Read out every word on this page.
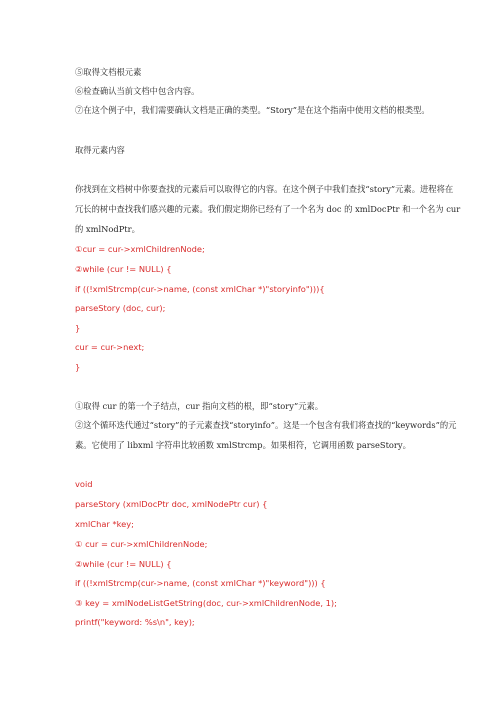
⑤取得文档根元素
⑥检查确认当前文档中包含内容。
⑦在这个例子中，我们需要确认文档是正确的类型。“Story”是在这个指南中使用文档的根类型。
取得元素内容
你找到在文档树中你要查找的元素后可以取得它的内容。在这个例子中我们查找“story”元素。进程将在
冗长的树中查找我们感兴趣的元素。我们假定期你已经有了一个名为 doc 的 xmlDocPtr 和一个名为 cur
的 xmlNodPtr。
①cur = cur->xmlChildrenNode;
②while (cur != NULL) {
if ((!xmlStrcmp(cur->name, (const xmlChar *)"storyinfo"))){
parseStory (doc, cur);
}
cur = cur->next;
}
①取得 cur 的第一个子结点，cur 指向文档的根，即“story”元素。
②这个循环迭代通过“story”的子元素查找“storyinfo”。这是一个包含有我们将查找的“keywords”的元
素。它使用了 libxml 字符串比较函数 xmlStrcmp。如果相符，它调用函数 parseStory。
void
parseStory (xmlDocPtr doc, xmlNodePtr cur) {
xmlChar *key;
① cur = cur->xmlChildrenNode;
②while (cur != NULL) {
if ((!xmlStrcmp(cur->name, (const xmlChar *)"keyword"))) {
③ key = xmlNodeListGetString(doc, cur->xmlChildrenNode, 1);
printf("keyword: %s\n", key);
